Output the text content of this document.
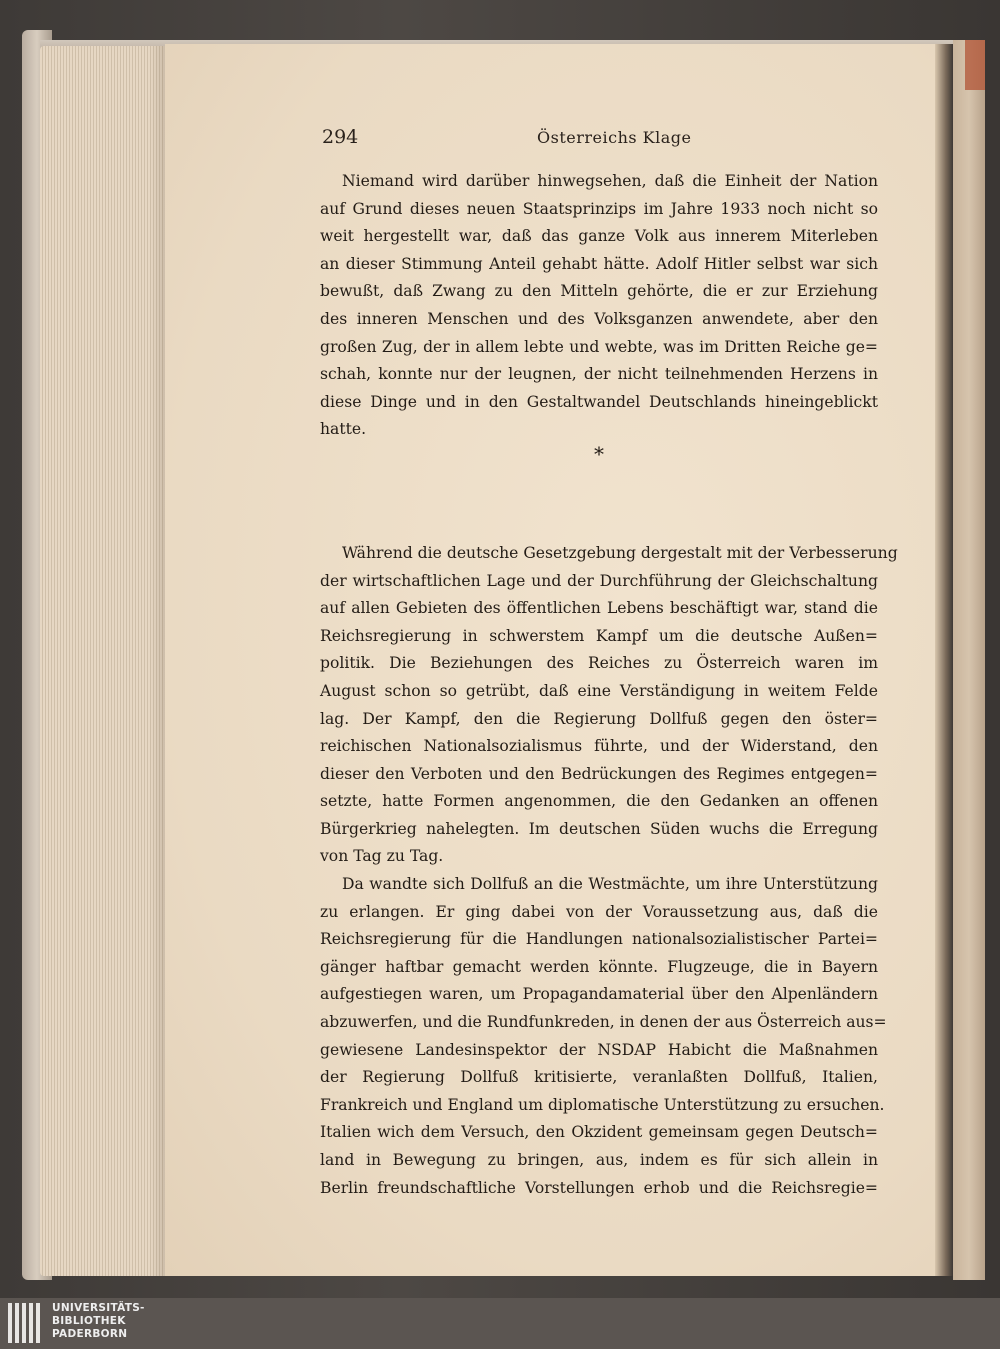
294	Österreichs Klage
Niemand wird darüber hinwegsehen, daß die Einheit der Nation
auf Grund dieses neuen Staatsprinzips im Jahre 1933 noch nicht so
weit hergestellt war, daß das ganze Volk aus innerem Miterleben
an dieser Stimmung Anteil gehabt hätte. Adolf Hitler selbst war sich
bewußt, daß Zwang zu den Mitteln gehörte, die er zur Erziehung
des inneren Menschen und des Volksganzen anwendete, aber den
großen Zug, der in allem lebte und webte, was im Dritten Reiche ge=
schah, konnte nur der leugnen, der nicht teilnehmenden Herzens in
diese Dinge und in den Gestaltwandel Deutschlands hineingeblickt
hatte.
*
Während die deutsche Gesetzgebung dergestalt mit der Verbesserung
der wirtschaftlichen Lage und der Durchführung der Gleichschaltung
auf allen Gebieten des öffentlichen Lebens beschäftigt war, stand die
Reichsregierung in schwerstem Kampf um die deutsche Außen=
politik. Die Beziehungen des Reiches zu Österreich waren im
August schon so getrübt, daß eine Verständigung in weitem Felde
lag. Der Kampf, den die Regierung Dollfuß gegen den öster=
reichischen Nationalsozialismus führte, und der Widerstand, den
dieser den Verboten und den Bedrückungen des Regimes entgegen=
setzte, hatte Formen angenommen, die den Gedanken an offenen
Bürgerkrieg nahelegten. Im deutschen Süden wuchs die Erregung
von Tag zu Tag.
Da wandte sich Dollfuß an die Westmächte, um ihre Unterstützung
zu erlangen. Er ging dabei von der Voraussetzung aus, daß die
Reichsregierung für die Handlungen nationalsozialistischer Partei=
gänger haftbar gemacht werden könnte. Flugzeuge, die in Bayern
aufgestiegen waren, um Propagandamaterial über den Alpenländern
abzuwerfen, und die Rundfunkreden, in denen der aus Österreich aus=
gewiesene Landesinspektor der NSDAP Habicht die Maßnahmen
der Regierung Dollfuß kritisierte, veranlaßten Dollfuß, Italien,
Frankreich und England um diplomatische Unterstützung zu ersuchen.
Italien wich dem Versuch, den Okzident gemeinsam gegen Deutsch=
land in Bewegung zu bringen, aus, indem es für sich allein in
Berlin freundschaftliche Vorstellungen erhob und die Reichsregie=
UNIVERSITÄTS-
BIBLIOTHEK
PADERBORN
